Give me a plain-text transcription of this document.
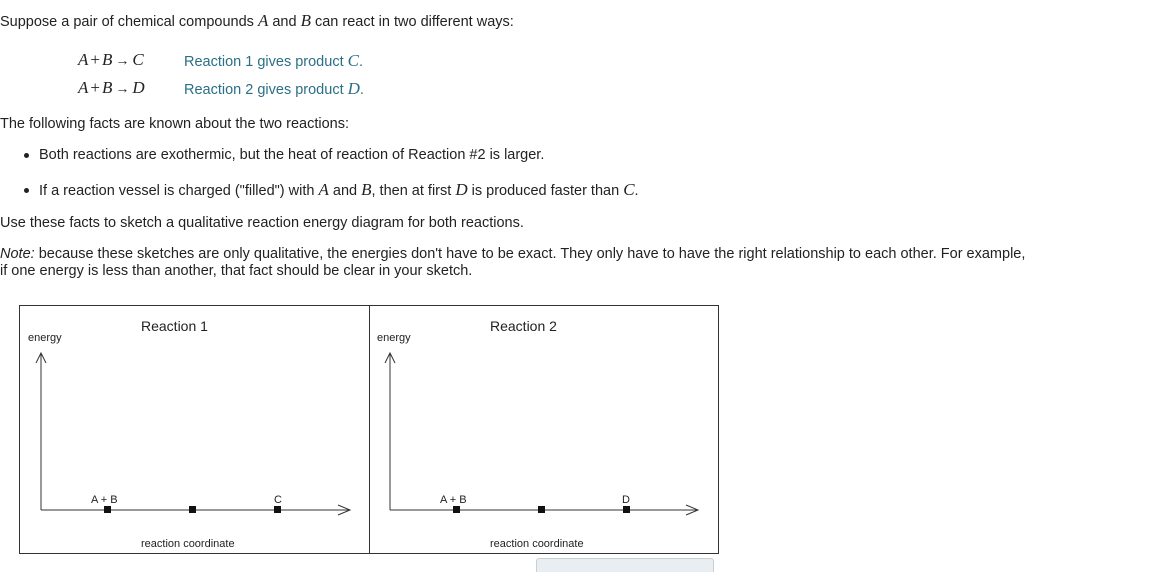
Suppose a pair of chemical compounds A and B can react in two different ways:
A + B → C	Reaction 1 gives product C.
A + B → D	Reaction 2 gives product D.
The following facts are known about the two reactions:
Both reactions are exothermic, but the heat of reaction of Reaction #2 is larger.
If a reaction vessel is charged ("filled") with A and B, then at first D is produced faster than C.
Use these facts to sketch a qualitative reaction energy diagram for both reactions.
Note: because these sketches are only qualitative, the energies don't have to be exact. They only have to have the right relationship to each other. For example,
if one energy is less than another, that fact should be clear in your sketch.
Reaction 1
energy
A + B	C
reaction coordinate
Reaction 2
energy
A + B	D
reaction coordinate
